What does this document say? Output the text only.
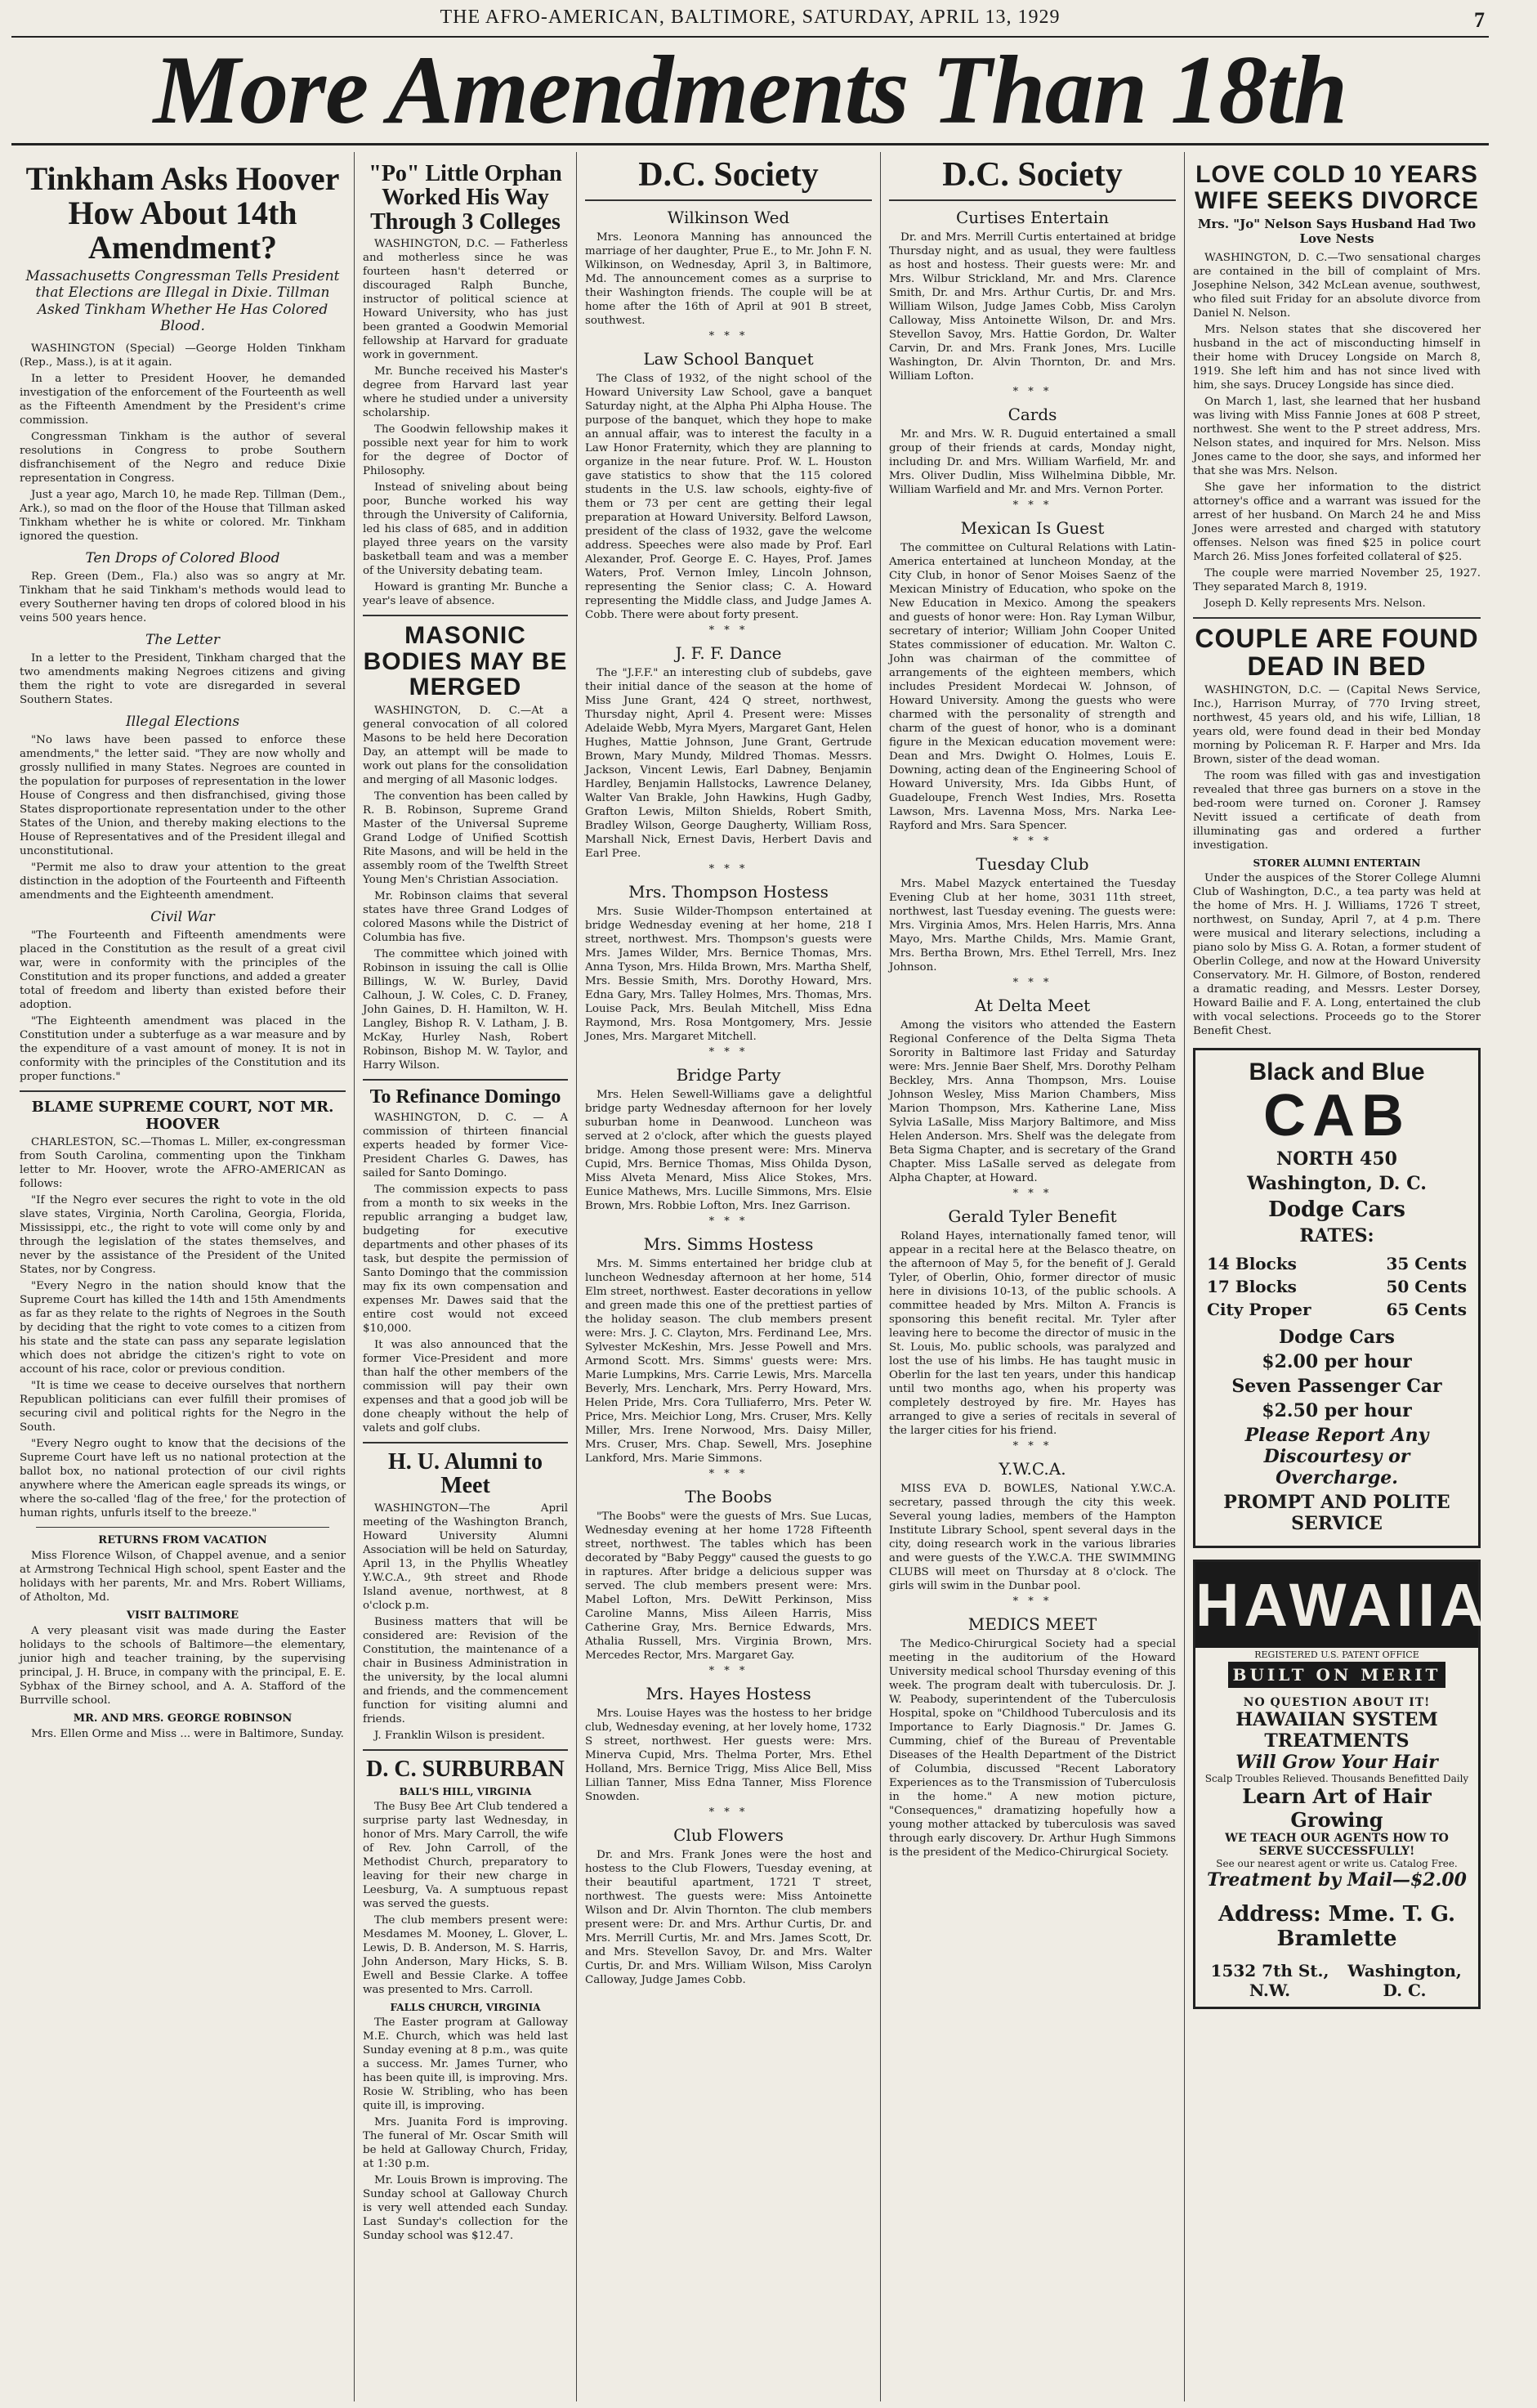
THE AFRO-AMERICAN, BALTIMORE, SATURDAY, APRIL 13, 1929	7
More Amendments Than 18th
Tinkham Asks Hoover How About 14th Amendment?
Massachusetts Congressman Tells President that Elections are Illegal in Dixie. Tillman Asked Tinkham Whether He Has Colored Blood.

WASHINGTON (Special) —George Holden Tinkham (Rep., Mass.), is at it again.

In a letter to President Hoover, he demanded investigation of the enforcement of the Fourteenth as well as the Fifteenth Amendment by the President's crime commission.

Congressman Tinkham is the author of several resolutions in Congress to probe Southern disfranchisement of the Negro and reduce Dixie representation in Congress.

Just a year ago, March 10, he made Rep. Tillman (Dem., Ark.), so mad on the floor of the House that Tillman asked Tinkham whether he is white or colored. Mr. Tinkham ignored the question.

Ten Drops of Colored Blood

Rep. Green (Dem., Fla.) also was so angry at Mr. Tinkham that he said Tinkham's methods would lead to every Southerner having ten drops of colored blood in his veins 500 years hence.

The Letter

In a letter to the President, Tinkham charged that the two amendments making Negroes citizens and giving them the right to vote are disregarded in several Southern States.

Illegal Elections

"No laws have been passed to enforce these amendments," the letter said. "They are now wholly and grossly nullified in many States. Negroes are counted in the population for purposes of representation in the lower House of Congress and then disfranchised, giving those States disproportionate representation under to the other States of the Union, and thereby making elections to the House of Representatives and of the President illegal and unconstitutional.

"Permit me also to draw your attention to the great distinction in the adoption of the Fourteenth and Fifteenth amendments and the Eighteenth amendment.

Civil War

"The Fourteenth and Fifteenth amendments were placed in the Constitution as the result of a great civil war, were in conformity with the principles of the Constitution and its proper functions, and added a greater total of freedom and liberty than existed before their adoption.

"The Eighteenth amendment was placed in the Constitution under a subterfuge as a war measure and by the expenditure of a vast amount of money. It is not in conformity with the principles of the Constitution and its proper functions."

BLAME SUPREME COURT, NOT MR. HOOVER

CHARLESTON, SC.—Thomas L. Miller, ex-congressman from South Carolina, commenting upon the Tinkham letter to Mr. Hoover, wrote the AFRO-AMERICAN as follows:

"If the Negro ever secures the right to vote in the old slave states, Virginia, North Carolina, Georgia, Florida, Mississippi, etc., the right to vote will come only by and through the legislation of the states themselves, and never by the assistance of the President of the United States, nor by Congress.

"Every Negro in the nation should know that the Supreme Court has killed the 14th and 15th Amendments as far as they relate to the rights of Negroes in the South by deciding that the right to vote comes to a citizen from his state and the state can pass any separate legislation which does not abridge the citizen's right to vote on account of his race, color or previous condition.

"It is time we cease to deceive ourselves that northern Republican politicians can ever fulfill their promises of securing civil and political rights for the Negro in the South.

"Every Negro ought to know that the decisions of the Supreme Court have left us no national protection at the ballot box, no national protection of our civil rights anywhere where the American eagle spreads its wings, or where the so-called 'flag of the free,' for the protection of human rights, unfurls itself to the breeze."

RETURNS FROM VACATION

Miss Florence Wilson, of Chappel avenue, and a senior at Armstrong Technical High school, spent Easter and the holidays with her parents, Mr. and Mrs. Robert Williams, of Atholton, Md.

VISIT BALTIMORE

A very pleasant visit was made during the Easter holidays to the schools of Baltimore—the elementary, junior high and teacher training, by the supervising principal, J. H. Bruce, in company with the principal, E. E. Sybhax of the Birney school, and A. A. Stafford of the Burrville school.

MR. AND MRS. GEORGE ROBINSON

Mrs. Ellen Orme and Miss ... were in Baltimore, Sunday.

"Po" Little Orphan Worked His Way Through 3 Colleges

WASHINGTON, D.C. — Fatherless and motherless since he was fourteen hasn't deterred or discouraged Ralph Bunche, instructor of political science at Howard University, who has just been granted a Goodwin Memorial fellowship at Harvard for graduate work in government.

Mr. Bunche received his Master's degree from Harvard last year where he studied under a university scholarship.

The Goodwin fellowship makes it possible next year for him to work for the degree of Doctor of Philosophy.

Instead of sniveling about being poor, Bunche worked his way through the University of California, led his class of 685, and in addition played three years on the varsity basketball team and was a member of the University debating team.

Howard is granting Mr. Bunche a year's leave of absence.

MASONIC BODIES MAY BE MERGED

WASHINGTON, D. C.—At a general convocation of all colored Masons to be held here Decoration Day, an attempt will be made to work out plans for the consolidation and merging of all Masonic lodges.

The convention has been called by R. B. Robinson, Supreme Grand Master of the Universal Supreme Grand Lodge of Unified Scottish Rite Masons, and will be held in the assembly room of the Twelfth Street Young Men's Christian Association.

Mr. Robinson claims that several states have three Grand Lodges of colored Masons while the District of Columbia has five.

The committee which joined with Robinson in issuing the call is Ollie Billings, W. W. Burley, David Calhoun, J. W. Coles, C. D. Franey, John Gaines, D. H. Hamilton, W. H. Langley, Bishop R. V. Latham, J. B. McKay, Hurley Nash, Robert Robinson, Bishop M. W. Taylor, and Harry Wilson.

To Refinance Domingo

WASHINGTON, D. C. — A commission of thirteen financial experts headed by former Vice-President Charles G. Dawes, has sailed for Santo Domingo.

The commission expects to pass from a month to six weeks in the republic arranging a budget law, budgeting for executive departments and other phases of its task, but despite the permission of Santo Domingo that the commission may fix its own compensation and expenses Mr. Dawes said that the entire cost would not exceed $10,000.

It was also announced that the former Vice-President and more than half the other members of the commission will pay their own expenses and that a good job will be done cheaply without the help of valets and golf clubs.

H. U. Alumni to Meet

WASHINGTON—The April meeting of the Washington Branch, Howard University Alumni Association will be held on Saturday, April 13, in the Phyllis Wheatley Y.W.C.A., 9th street and Rhode Island avenue, northwest, at 8 o'clock p.m.

Business matters that will be considered are: Revision of the Constitution, the maintenance of a chair in Business Administration in the university, by the local alumni and friends, and the commencement function for visiting alumni and friends.

J. Franklin Wilson is president.

D. C. SURBURBAN
BALL'S HILL, VIRGINIA

The Busy Bee Art Club tendered a surprise party last Wednesday, in honor of Mrs. Mary Carroll, the wife of Rev. John Carroll, of the Methodist Church, preparatory to leaving for their new charge in Leesburg, Va. A sumptuous repast was served the guests.

The club members present were: Mesdames M. Mooney, L. Glover, L. Lewis, D. B. Anderson, M. S. Harris, John Anderson, Mary Hicks, S. B. Ewell and Bessie Clarke. A toffee was presented to Mrs. Carroll.

FALLS CHURCH, VIRGINIA

The Easter program at Galloway M.E. Church, which was held last Sunday evening at 8 p.m., was quite a success. Mr. James Turner, who has been quite ill, is improving. Mrs. Rosie W. Stribling, who has been quite ill, is improving.

Mrs. Juanita Ford is improving. The funeral of Mr. Oscar Smith will be held at Galloway Church, Friday, at 1:30 p.m.

Mr. Louis Brown is improving. The Sunday school at Galloway Church is very well attended each Sunday. Last Sunday's collection for the Sunday school was $12.47.

D.C. Society
Wilkinson Wed

Mrs. Leonora Manning has announced the marriage of her daughter, Prue E., to Mr. John F. N. Wilkinson, on Wednesday, April 3, in Baltimore, Md. The announcement comes as a surprise to their Washington friends. The couple will be at home after the 16th of April at 901 B street, southwest.

* * *
Law School Banquet

The Class of 1932, of the night school of the Howard University Law School, gave a banquet Saturday night, at the Alpha Phi Alpha House. The purpose of the banquet, which they hope to make an annual affair, was to interest the faculty in a Law Honor Fraternity, which they are planning to organize in the near future. Prof. W. L. Houston gave statistics to show that the 115 colored students in the U.S. law schools, eighty-five of them or 73 per cent are getting their legal preparation at Howard University. Belford Lawson, president of the class of 1932, gave the welcome address. Speeches were also made by Prof. Earl Alexander, Prof. George E. C. Hayes, Prof. James Waters, Prof. Vernon Imley, Lincoln Johnson, representing the Senior class; C. A. Howard representing the Middle class, and Judge James A. Cobb. There were about forty present.

* * *
J. F. F. Dance

The "J.F.F." an interesting club of subdebs, gave their initial dance of the season at the home of Miss June Grant, 424 Q street, northwest, Thursday night, April 4. Present were: Misses Adelaide Webb, Myra Myers, Margaret Gant, Helen Hughes, Mattie Johnson, June Grant, Gertrude Brown, Mary Mundy, Mildred Thomas. Messrs. Jackson, Vincent Lewis, Earl Dabney, Benjamin Hardley, Benjamin Hallstocks, Lawrence Delaney, Walter Van Brakle, John Hawkins, Hugh Gadby, Grafton Lewis, Milton Shields, Robert Smith, Bradley Wilson, George Daugherty, William Ross, Marshall Nick, Ernest Davis, Herbert Davis and Earl Pree.

* * *
Mrs. Thompson Hostess

Mrs. Susie Wilder-Thompson entertained at bridge Wednesday evening at her home, 218 I street, northwest. Mrs. Thompson's guests were Mrs. James Wilder, Mrs. Bernice Thomas, Mrs. Anna Tyson, Mrs. Hilda Brown, Mrs. Martha Shelf, Mrs. Bessie Smith, Mrs. Dorothy Howard, Mrs. Edna Gary, Mrs. Talley Holmes, Mrs. Thomas, Mrs. Louise Pack, Mrs. Beulah Mitchell, Miss Edna Raymond, Mrs. Rosa Montgomery, Mrs. Jessie Jones, Mrs. Margaret Mitchell.

* * *
Bridge Party

Mrs. Helen Sewell-Williams gave a delightful bridge party Wednesday afternoon for her lovely suburban home in Deanwood. Luncheon was served at 2 o'clock, after which the guests played bridge. Among those present were: Mrs. Minerva Cupid, Mrs. Bernice Thomas, Miss Ohilda Dyson, Miss Alveta Menard, Miss Alice Stokes, Mrs. Eunice Mathews, Mrs. Lucille Simmons, Mrs. Elsie Brown, Mrs. Robbie Lofton, Mrs. Inez Garrison.

* * *
Mrs. Simms Hostess

Mrs. M. Simms entertained her bridge club at luncheon Wednesday afternoon at her home, 514 Elm street, northwest. Easter decorations in yellow and green made this one of the prettiest parties of the holiday season. The club members present were: Mrs. J. C. Clayton, Mrs. Ferdinand Lee, Mrs. Sylvester McKeshin, Mrs. Jesse Powell and Mrs. Armond Scott. Mrs. Simms' guests were: Mrs. Marie Lumpkins, Mrs. Carrie Lewis, Mrs. Marcella Beverly, Mrs. Lenchark, Mrs. Perry Howard, Mrs. Helen Pride, Mrs. Cora Tulliaferro, Mrs. Peter W. Price, Mrs. Meichior Long, Mrs. Cruser, Mrs. Kelly Miller, Mrs. Irene Norwood, Mrs. Daisy Miller, Mrs. Cruser, Mrs. Chap. Sewell, Mrs. Josephine Lankford, Mrs. Marie Simmons.

* * *
The Boobs

"The Boobs" were the guests of Mrs. Sue Lucas, Wednesday evening at her home 1728 Fifteenth street, northwest. The tables which has been decorated by "Baby Peggy" caused the guests to go in raptures. After bridge a delicious supper was served. The club members present were: Mrs. Mabel Lofton, Mrs. DeWitt Perkinson, Miss Caroline Manns, Miss Aileen Harris, Miss Catherine Gray, Mrs. Bernice Edwards, Mrs. Athalia Russell, Mrs. Virginia Brown, Mrs. Mercedes Rector, Mrs. Margaret Gay.

* * *
Mrs. Hayes Hostess

Mrs. Louise Hayes was the hostess to her bridge club, Wednesday evening, at her lovely home, 1732 S street, northwest. Her guests were: Mrs. Minerva Cupid, Mrs. Thelma Porter, Mrs. Ethel Holland, Mrs. Bernice Trigg, Miss Alice Bell, Miss Lillian Tanner, Miss Edna Tanner, Miss Florence Snowden.

* * *
Club Flowers

Dr. and Mrs. Frank Jones were the host and hostess to the Club Flowers, Tuesday evening, at their beautiful apartment, 1721 T street, northwest. The guests were: Miss Antoinette Wilson and Dr. Alvin Thornton. The club members present were: Dr. and Mrs. Arthur Curtis, Dr. and Mrs. Merrill Curtis, Mr. and Mrs. James Scott, Dr. and Mrs. Stevellon Savoy, Dr. and Mrs. Walter Curtis, Dr. and Mrs. William Wilson, Miss Carolyn Calloway, Judge James Cobb.

D.C. Society
Curtises Entertain

Dr. and Mrs. Merrill Curtis entertained at bridge Thursday night, and as usual, they were faultless as host and hostess. Their guests were: Mr. and Mrs. Wilbur Strickland, Mr. and Mrs. Clarence Smith, Dr. and Mrs. Arthur Curtis, Dr. and Mrs. William Wilson, Judge James Cobb, Miss Carolyn Calloway, Miss Antoinette Wilson, Dr. and Mrs. Stevellon Savoy, Mrs. Hattie Gordon, Dr. Walter Carvin, Dr. and Mrs. Frank Jones, Mrs. Lucille Washington, Dr. Alvin Thornton, Dr. and Mrs. William Lofton.

* * *
Cards

Mr. and Mrs. W. R. Duguid entertained a small group of their friends at cards, Monday night, including Dr. and Mrs. William Warfield, Mr. and Mrs. Oliver Dudlin, Miss Wilhelmina Dibble, Mr. William Warfield and Mr. and Mrs. Vernon Porter.

* * *
Mexican Is Guest

The committee on Cultural Relations with Latin-America entertained at luncheon Monday, at the City Club, in honor of Senor Moises Saenz of the Mexican Ministry of Education, who spoke on the New Education in Mexico. Among the speakers and guests of honor were: Hon. Ray Lyman Wilbur, secretary of interior; William John Cooper United States commissioner of education. Mr. Walton C. John was chairman of the committee of arrangements of the eighteen members, which includes President Mordecai W. Johnson, of Howard University. Among the guests who were charmed with the personality of strength and charm of the guest of honor, who is a dominant figure in the Mexican education movement were: Dean and Mrs. Dwight O. Holmes, Louis E. Downing, acting dean of the Engineering School of Howard University, Mrs. Ida Gibbs Hunt, of Guadeloupe, French West Indies, Mrs. Rosetta Lawson, Mrs. Lavenna Moss, Mrs. Narka Lee-Rayford and Mrs. Sara Spencer.

* * *
Tuesday Club

Mrs. Mabel Mazyck entertained the Tuesday Evening Club at her home, 3031 11th street, northwest, last Tuesday evening. The guests were: Mrs. Virginia Amos, Mrs. Helen Harris, Mrs. Anna Mayo, Mrs. Marthe Childs, Mrs. Mamie Grant, Mrs. Bertha Brown, Mrs. Ethel Terrell, Mrs. Inez Johnson.

* * *
At Delta Meet

Among the visitors who attended the Eastern Regional Conference of the Delta Sigma Theta Sorority in Baltimore last Friday and Saturday were: Mrs. Jennie Baer Shelf, Mrs. Dorothy Pelham Beckley, Mrs. Anna Thompson, Mrs. Louise Johnson Wesley, Miss Marion Chambers, Miss Marion Thompson, Mrs. Katherine Lane, Miss Sylvia LaSalle, Miss Marjory Baltimore, and Miss Helen Anderson. Mrs. Shelf was the delegate from Beta Sigma Chapter, and is secretary of the Grand Chapter. Miss LaSalle served as delegate from Alpha Chapter, at Howard.

* * *
Gerald Tyler Benefit

Roland Hayes, internationally famed tenor, will appear in a recital here at the Belasco theatre, on the afternoon of May 5, for the benefit of J. Gerald Tyler, of Oberlin, Ohio, former director of music here in divisions 10-13, of the public schools. A committee headed by Mrs. Milton A. Francis is sponsoring this benefit recital. Mr. Tyler after leaving here to become the director of music in the St. Louis, Mo. public schools, was paralyzed and lost the use of his limbs. He has taught music in Oberlin for the last ten years, under this handicap until two months ago, when his property was completely destroyed by fire. Mr. Hayes has arranged to give a series of recitals in several of the larger cities for his friend.

* * *
Y.W.C.A.

MISS EVA D. BOWLES, National Y.W.C.A. secretary, passed through the city this week. Several young ladies, members of the Hampton Institute Library School, spent several days in the city, doing research work in the various libraries and were guests of the Y.W.C.A. THE SWIMMING CLUBS will meet on Thursday at 8 o'clock. The girls will swim in the Dunbar pool.

* * *
MEDICS MEET

The Medico-Chirurgical Society had a special meeting in the auditorium of the Howard University medical school Thursday evening of this week. The program dealt with tuberculosis. Dr. J. W. Peabody, superintendent of the Tuberculosis Hospital, spoke on "Childhood Tuberculosis and its Importance to Early Diagnosis." Dr. James G. Cumming, chief of the Bureau of Preventable Diseases of the Health Department of the District of Columbia, discussed "Recent Laboratory Experiences as to the Transmission of Tuberculosis in the home." A new motion picture, "Consequences," dramatizing hopefully how a young mother attacked by tuberculosis was saved through early discovery. Dr. Arthur Hugh Simmons is the president of the Medico-Chirurgical Society.

LOVE COLD 10 YEARS WIFE SEEKS DIVORCE
Mrs. "Jo" Nelson Says Husband Had Two Love Nests

WASHINGTON, D. C.—Two sensational charges are contained in the bill of complaint of Mrs. Josephine Nelson, 342 McLean avenue, southwest, who filed suit Friday for an absolute divorce from Daniel N. Nelson.

Mrs. Nelson states that she discovered her husband in the act of misconducting himself in their home with Drucey Longside on March 8, 1919. She left him and has not since lived with him, she says. Drucey Longside has since died.

On March 1, last, she learned that her husband was living with Miss Fannie Jones at 608 P street, northwest. She went to the P street address, Mrs. Nelson states, and inquired for Mrs. Nelson. Miss Jones came to the door, she says, and informed her that she was Mrs. Nelson.

She gave her information to the district attorney's office and a warrant was issued for the arrest of her husband. On March 24 he and Miss Jones were arrested and charged with statutory offenses. Nelson was fined $25 in police court March 26. Miss Jones forfeited collateral of $25.

The couple were married November 25, 1927. They separated March 8, 1919.

Joseph D. Kelly represents Mrs. Nelson.

COUPLE ARE FOUND DEAD IN BED

WASHINGTON, D.C. — (Capital News Service, Inc.), Harrison Murray, of 770 Irving street, northwest, 45 years old, and his wife, Lillian, 18 years old, were found dead in their bed Monday morning by Policeman R. F. Harper and Mrs. Ida Brown, sister of the dead woman.

The room was filled with gas and investigation revealed that three gas burners on a stove in the bed-room were turned on. Coroner J. Ramsey Nevitt issued a certificate of death from illuminating gas and ordered a further investigation.

STORER ALUMNI ENTERTAIN

Under the auspices of the Storer College Alumni Club of Washington, D.C., a tea party was held at the home of Mrs. H. J. Williams, 1726 T street, northwest, on Sunday, April 7, at 4 p.m. There were musical and literary selections, including a piano solo by Miss G. A. Rotan, a former student of Oberlin College, and now at the Howard University Conservatory. Mr. H. Gilmore, of Boston, rendered a dramatic reading, and Messrs. Lester Dorsey, Howard Bailie and F. A. Long, entertained the club with vocal selections. Proceeds go to the Storer Benefit Chest.

Black and Blue
CAB
NORTH 450
Washington, D. C.
Dodge Cars
RATES:
14 Blocks	35 Cents
17 Blocks	50 Cents
City Proper	65 Cents
Dodge Cars
$2.00 per hour
Seven Passenger Car
$2.50 per hour
Please Report Any Discourtesy or Overcharge.
PROMPT AND POLITE SERVICE
HAWAIIAN
REGISTERED U.S. PATENT OFFICE
BUILT ON MERIT
NO QUESTION ABOUT IT!
HAWAIIAN SYSTEM TREATMENTS
Will Grow Your Hair
Scalp Troubles Relieved. Thousands Benefitted Daily
Learn Art of Hair Growing
WE TEACH OUR AGENTS HOW TO SERVE SUCCESSFULLY!
See our nearest agent or write us. Catalog Free.
Treatment by Mail—$2.00
Address: Mme. T. G. Bramlette
1532 7th St., N.W.
Washington, D. C.
